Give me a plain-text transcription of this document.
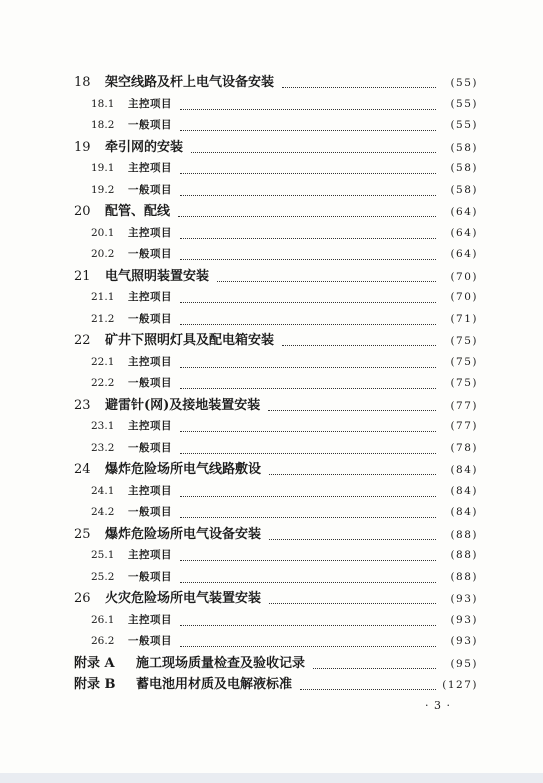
18	架空线路及杆上电气设备安装	(55)
18.1	主控项目	(55)
18.2	一般项目	(55)
19	牵引网的安装	(58)
19.1	主控项目	(58)
19.2	一般项目	(58)
20	配管、配线	(64)
20.1	主控项目	(64)
20.2	一般项目	(64)
21	电气照明装置安装	(70)
21.1	主控项目	(70)
21.2	一般项目	(71)
22	矿井下照明灯具及配电箱安装	(75)
22.1	主控项目	(75)
22.2	一般项目	(75)
23	避雷针(网)及接地装置安装	(77)
23.1	主控项目	(77)
23.2	一般项目	(78)
24	爆炸危险场所电气线路敷设	(84)
24.1	主控项目	(84)
24.2	一般项目	(84)
25	爆炸危险场所电气设备安装	(88)
25.1	主控项目	(88)
25.2	一般项目	(88)
26	火灾危险场所电气装置安装	(93)
26.1	主控项目	(93)
26.2	一般项目	(93)
附录 A	施工现场质量检查及验收记录	(95)
附录 B	蓄电池用材质及电解液标准	(127)
· 3 ·
